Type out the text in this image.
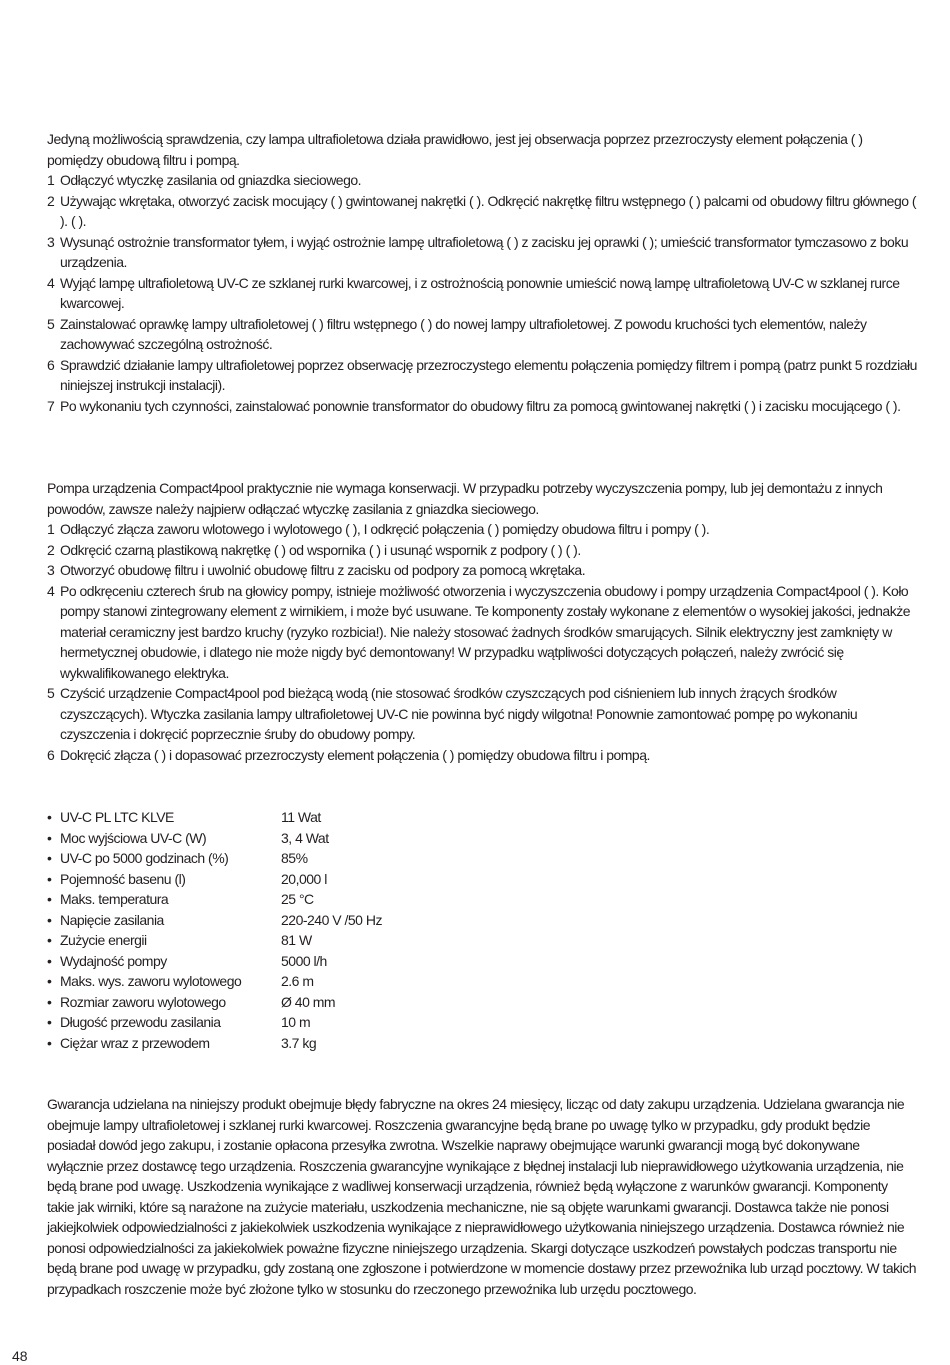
Jedyną możliwością sprawdzenia, czy lampa ultrafioletowa działa prawidłowo, jest jej obserwacja poprzez przezroczysty element połączenia ( ) pomiędzy obudową filtru i pompą.

1 Odłączyć wtyczkę zasilania od gniazdka sieciowego.
2 Używając wkrętaka, otworzyć zacisk mocujący ( ) gwintowanej nakrętki ( ). Odkręcić nakrętkę filtru wstępnego ( ) palcami od obudowy filtru głównego ( ). ( ).
3 Wysunąć ostrożnie transformator tyłem, i wyjąć ostrożnie lampę ultrafioletową ( ) z zacisku jej oprawki ( ); umieścić transformator tymczasowo z boku urządzenia.
4 Wyjąć lampę ultrafioletową UV-C ze szklanej rurki kwarcowej, i z ostrożnością ponownie umieścić nową lampę ultrafioletową UV-C w szklanej rurce kwarcowej.
5 Zainstalować oprawkę lampy ultrafioletowej ( ) filtru wstępnego ( ) do nowej lampy ultrafioletowej. Z powodu kruchości tych elementów, należy zachowywać szczególną ostrożność.
6 Sprawdzić działanie lampy ultrafioletowej poprzez obserwację przezroczystego elementu połączenia pomiędzy filtrem i pompą (patrz punkt 5 rozdziału niniejszej instrukcji instalacji).
7 Po wykonaniu tych czynności, zainstalować ponownie transformator do obudowy filtru za pomocą gwintowanej nakrętki ( ) i zacisku mocującego ( ).

Pompa urządzenia Compact4pool praktycznie nie wymaga konserwacji. W przypadku potrzeby wyczyszczenia pompy, lub jej demontażu z innych powodów, zawsze należy najpierw odłączać wtyczkę zasilania z gniazdka sieciowego.

1 Odłączyć złącza zaworu wlotowego i wylotowego ( ), I odkręcić połączenia ( ) pomiędzy obudowa filtru i pompy ( ).
2 Odkręcić czarną plastikową nakrętkę ( ) od wspornika ( ) i usunąć wspornik z podpory ( ) ( ).
3 Otworzyć obudowę filtru i uwolnić obudowę filtru z zacisku od podpory za pomocą wkrętaka.
4 Po odkręceniu czterech śrub na głowicy pompy, istnieje możliwość otworzenia i wyczyszczenia obudowy i pompy urządzenia Compact4pool ( ). Koło pompy stanowi zintegrowany element z wirnikiem, i może być usuwane. Te komponenty zostały wykonane z elementów o wysokiej jakości, jednakże materiał ceramiczny jest bardzo kruchy (ryzyko rozbicia!). Nie należy stosować żadnych środków smarujących. Silnik elektryczny jest zamknięty w hermetycznej obudowie, i dlatego nie może nigdy być demontowany! W przypadku wątpliwości dotyczących połączeń, należy zwrócić się wykwalifikowanego elektryka.
5 Czyścić urządzenie Compact4pool pod bieżącą wodą (nie stosować środków czyszczących pod ciśnieniem lub innych żrących środków czyszczących). Wtyczka zasilania lampy ultrafioletowej UV-C nie powinna być nigdy wilgotna! Ponownie zamontować pompę po wykonaniu czyszczenia i dokręcić poprzecznie śruby do obudowy pompy.
6 Dokręcić złącza ( ) i dopasować przezroczysty element połączenia ( ) pomiędzy obudowa filtru i pompą.
• UV-C PL LTC KLVE	11 Wat
• Moc wyjściowa UV-C (W)	3, 4 Wat
• UV-C po 5000 godzinach (%)	85%
• Pojemność basenu (l)	20,000 l
• Maks. temperatura	25 °C
• Napięcie zasilania	220-240 V /50 Hz
• Zużycie energii	81 W
• Wydajność pompy	5000 l/h
• Maks. wys. zaworu wylotowego	2.6 m
• Rozmiar zaworu wylotowego	Ø 40 mm
• Długość przewodu zasilania	10 m
• Ciężar wraz z przewodem	3.7 kg

Gwarancja udzielana na niniejszy produkt obejmuje błędy fabryczne na okres 24 miesięcy, licząc od daty zakupu urządzenia. Udzielana gwarancja nie obejmuje lampy ultrafioletowej i szklanej rurki kwarcowej. Roszczenia gwarancyjne będą brane po uwagę tylko w przypadku, gdy produkt będzie posiadał dowód jego zakupu, i zostanie opłacona przesyłka zwrotna. Wszelkie naprawy obejmujące warunki gwarancji mogą być dokonywane wyłącznie przez dostawcę tego urządzenia. Roszczenia gwarancyjne wynikające z błędnej instalacji lub nieprawidłowego użytkowania urządzenia, nie będą brane pod uwagę. Uszkodzenia wynikające z wadliwej konserwacji urządzenia, również będą wyłączone z warunków gwarancji. Komponenty takie jak wirniki, które są narażone na zużycie materiału, uszkodzenia mechaniczne, nie są objęte warunkami gwarancji. Dostawca także nie ponosi jakiejkolwiek odpowiedzialności z jakiekolwiek uszkodzenia wynikające z nieprawidłowego użytkowania niniejszego urządzenia. Dostawca również nie ponosi odpowiedzialności za jakiekolwiek poważne fizyczne niniejszego urządzenia. Skargi dotyczące uszkodzeń powstałych podczas transportu nie będą brane pod uwagę w przypadku, gdy zostaną one zgłoszone i potwierdzone w momencie dostawy przez przewoźnika lub urząd pocztowy. W takich przypadkach roszczenie może być złożone tylko w stosunku do rzeczonego przewoźnika lub urzędu pocztowego.

48
